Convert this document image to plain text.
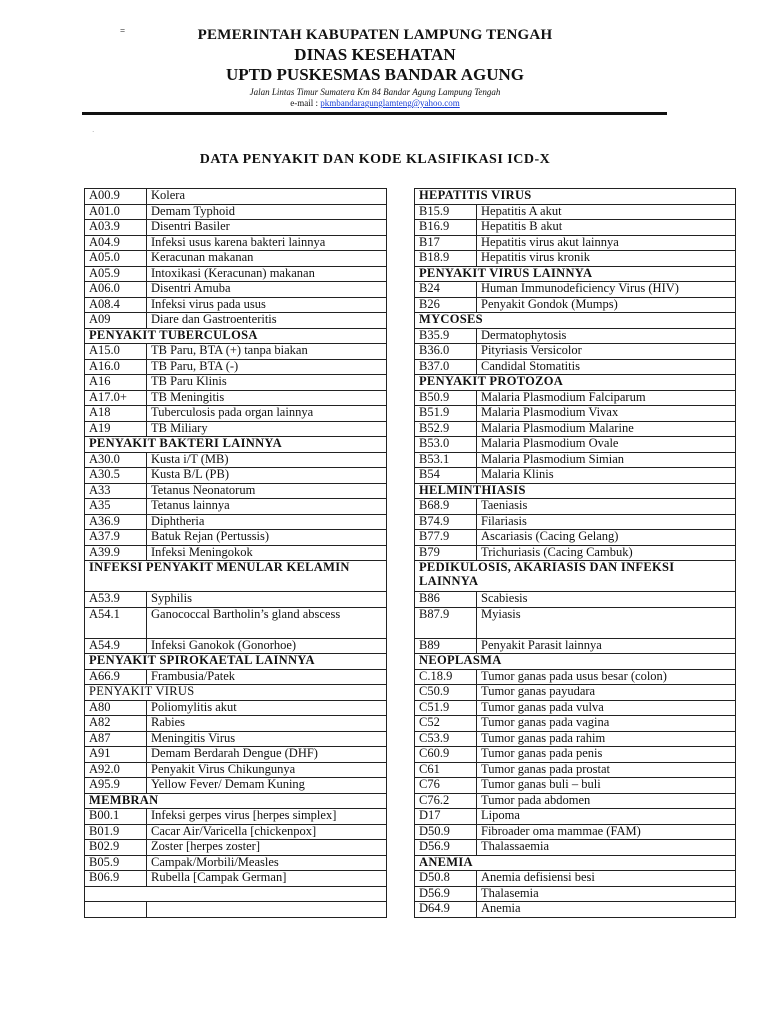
=	PEMERINTAH KABUPATEN LAMPUNG TENGAH
DINAS KESEHATAN
UPTD PUSKESMAS BANDAR AGUNG
Jalan Lintas Timur Sumatera Km 84 Bandar Agung Lampung Tengah
e-mail : pkmbandaragunglamteng@yahoo.com
·
DATA PENYAKIT DAN KODE KLASIFIKASI ICD-X
A00.9	Kolera
A01.0	Demam Typhoid
A03.9	Disentri Basiler
A04.9	Infeksi usus karena bakteri lainnya
A05.0	Keracunan makanan
A05.9	Intoxikasi (Keracunan) makanan
A06.0	Disentri Amuba
A08.4	Infeksi virus pada usus
A09	Diare dan Gastroenteritis
PENYAKIT TUBERCULOSA	
A15.0	TB Paru, BTA (+) tanpa biakan
A16.0	TB Paru, BTA (-)
A16	TB Paru Klinis
A17.0+	TB Meningitis
A18	Tuberculosis pada organ lainnya
A19	TB Miliary
PENYAKIT BAKTERI LAINNYA	
A30.0	Kusta i/T (MB)
A30.5	Kusta B/L (PB)
A33	Tetanus Neonatorum
A35	Tetanus lainnya
A36.9	Diphtheria
A37.9	Batuk Rejan (Pertussis)
A39.9	Infeksi Meningokok
INFEKSI PENYAKIT MENULAR KELAMIN	
A53.9	Syphilis
A54.1	Ganococcal Bartholin’s gland abscess
A54.9	Infeksi Ganokok (Gonorhoe)
PENYAKIT SPIROKAETAL LAINNYA	
A66.9	Frambusia/Patek
PENYAKIT VIRUS	
A80	Poliomylitis akut
A82	Rabies
A87	Meningitis Virus
A91	Demam Berdarah Dengue (DHF)
A92.0	Penyakit Virus Chikungunya
A95.9	Yellow Fever/ Demam Kuning
MEMBRAN	
B00.1	Infeksi gerpes virus [herpes simplex]
B01.9	Cacar Air/Varicella [chickenpox]
B02.9	Zoster [herpes zoster]
B05.9	Campak/Morbili/Measles
B06.9	Rubella [Campak German]

HEPATITIS VIRUS	
B15.9	Hepatitis A akut
B16.9	Hepatitis B akut
B17	Hepatitis virus akut lainnya
B18.9	Hepatitis virus kronik
PENYAKIT VIRUS LAINNYA	
B24	Human Immunodeficiency Virus (HIV)
B26	Penyakit Gondok (Mumps)
MYCOSES	
B35.9	Dermatophytosis
B36.0	Pityriasis Versicolor
B37.0	Candidal Stomatitis
PENYAKIT PROTOZOA	
B50.9	Malaria Plasmodium Falciparum
B51.9	Malaria Plasmodium Vivax
B52.9	Malaria Plasmodium Malarine
B53.0	Malaria Plasmodium Ovale
B53.1	Malaria Plasmodium Simian
B54	Malaria Klinis
HELMINTHIASIS	
B68.9	Taeniasis
B74.9	Filariasis
B77.9	Ascariasis (Cacing Gelang)
B79	Trichuriasis (Cacing Cambuk)
PEDIKULOSIS, AKARIASIS DAN INFEKSI LAINNYA	
B86	Scabiesis
B87.9	Myiasis
B89	Penyakit Parasit lainnya
NEOPLASMA	
C.18.9	Tumor ganas pada usus besar (colon)
C50.9	Tumor ganas payudara
C51.9	Tumor ganas pada vulva
C52	Tumor ganas pada vagina
C53.9	Tumor ganas pada rahim
C60.9	Tumor ganas pada penis
C61	Tumor ganas pada prostat
C76	Tumor ganas buli – buli
C76.2	Tumor pada abdomen
D17	Lipoma
D50.9	Fibroader oma mammae (FAM)
D56.9	Thalassaemia
ANEMIA	
D50.8	Anemia defisiensi besi
D56.9	Thalasemia
D64.9	Anemia
